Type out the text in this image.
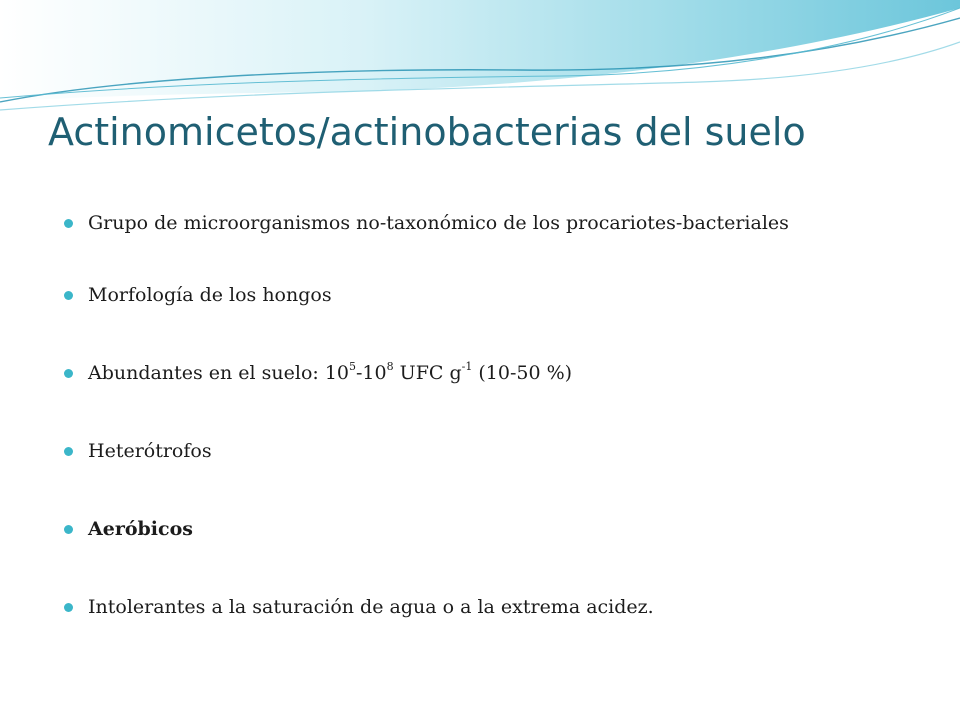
Actinomicetos/actinobacterias del suelo
Grupo de microorganismos no-taxonómico de los procariotes-bacteriales
Morfología de los hongos
Abundantes en el suelo: $10^5-10^8$ UFC $g^{-1}$ (10-50 %)
Heterótrofos
Aeróbicos
Intolerantes a la saturación de agua o a la extrema acidez.
